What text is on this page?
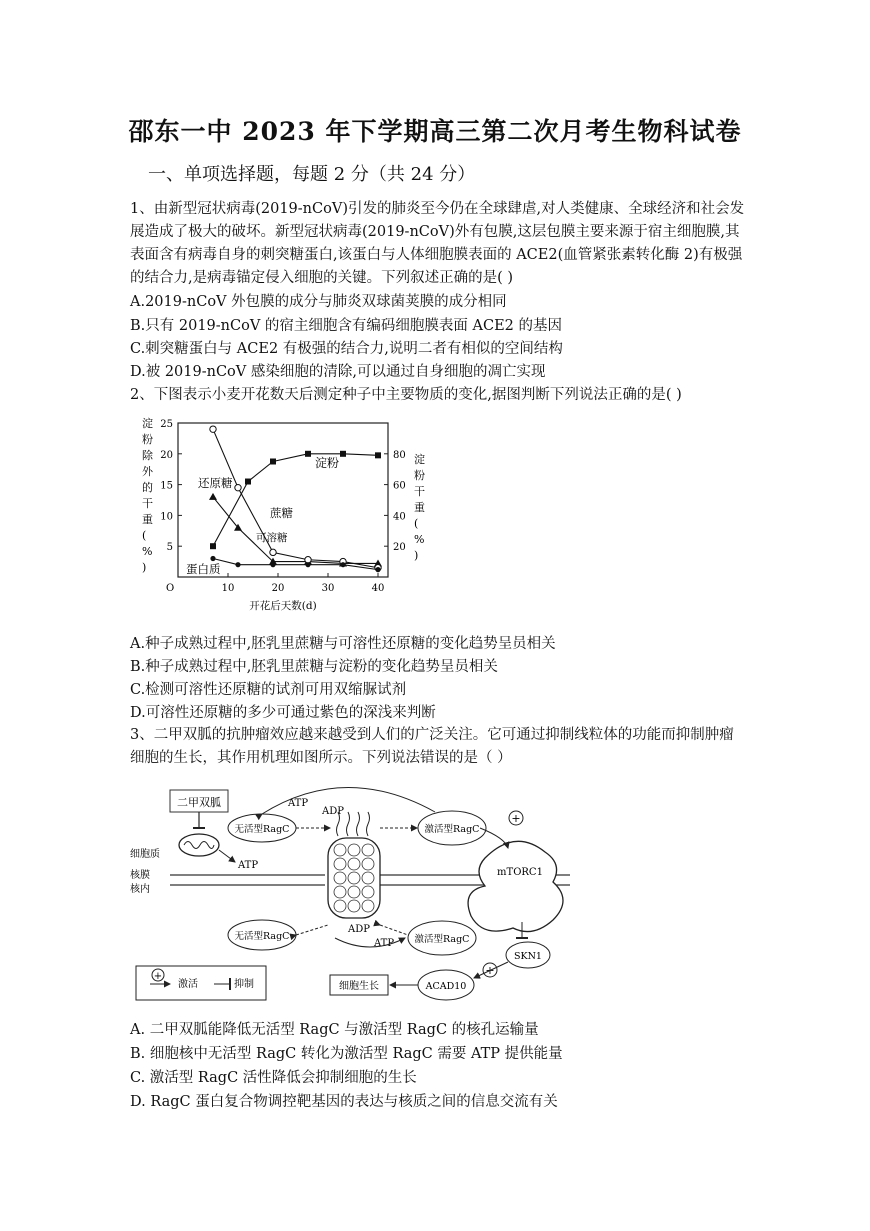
邵东一中 2023 年下学期高三第二次月考生物科试卷
一、单项选择题，每题 2 分（共 24 分）

1、由新型冠状病毒(2019-nCoV)引发的肺炎至今仍在全球肆虐,对人类健康、全球经济和社会发展造成了极大的破坏。新型冠状病毒(2019-nCoV)外有包膜,这层包膜主要来源于宿主细胞膜,其表面含有病毒自身的刺突糖蛋白,该蛋白与人体细胞膜表面的 ACE2(血管紧张素转化酶 2)有极强的结合力,是病毒锚定侵入细胞的关键。下列叙述正确的是( )

A.2019-nCoV 外包膜的成分与肺炎双球菌荚膜的成分相同
B.只有 2019-nCoV 的宿主细胞含有编码细胞膜表面 ACE2 的基因
C.刺突糖蛋白与 ACE2 有极强的结合力,说明二者有相似的空间结构
D.被 2019-nCoV 感染细胞的清除,可以通过自身细胞的凋亡实现
2、下图表示小麦开花数天后测定种子中主要物质的变化,据图判断下列说法正确的是( )
10	20	30	40
5
10
15
20
25
20
40
60
80
O
开花后天数(d)
淀
粉
除
外
的
干
重
(
%
)
淀
粉
干
重
(
%
)
淀粉
还原糖
蔗糖
可溶糖
蛋白质
A.种子成熟过程中,胚乳里蔗糖与可溶性还原糖的变化趋势呈员相关
B.种子成熟过程中,胚乳里蔗糖与淀粉的变化趋势呈员相关
C.检测可溶性还原糖的试剂可用双缩脲试剂
D.可溶性还原糖的多少可通过紫色的深浅来判断

3、二甲双胍的抗肿瘤效应越来越受到人们的广泛关注。它可通过抑制线粒体的功能而抑制肿瘤细胞的生长，其作用机理如图所示。下列说法错误的是（ ）

二甲双胍
细胞质
核膜
核内
ATP
无活型RagC	激活型RagC
ATP
ADP
无活型RagC	激活型RagC
ADP
ATP
mTORC1
+
SKN1
+
ACAD10
细胞生长
+
激活	抑制
A. 二甲双胍能降低无活型 RagC 与激活型 RagC 的核孔运输量
B. 细胞核中无活型 RagC 转化为激活型 RagC 需要 ATP 提供能量
C. 激活型 RagC 活性降低会抑制细胞的生长
D. RagC 蛋白复合物调控靶基因的表达与核质之间的信息交流有关
